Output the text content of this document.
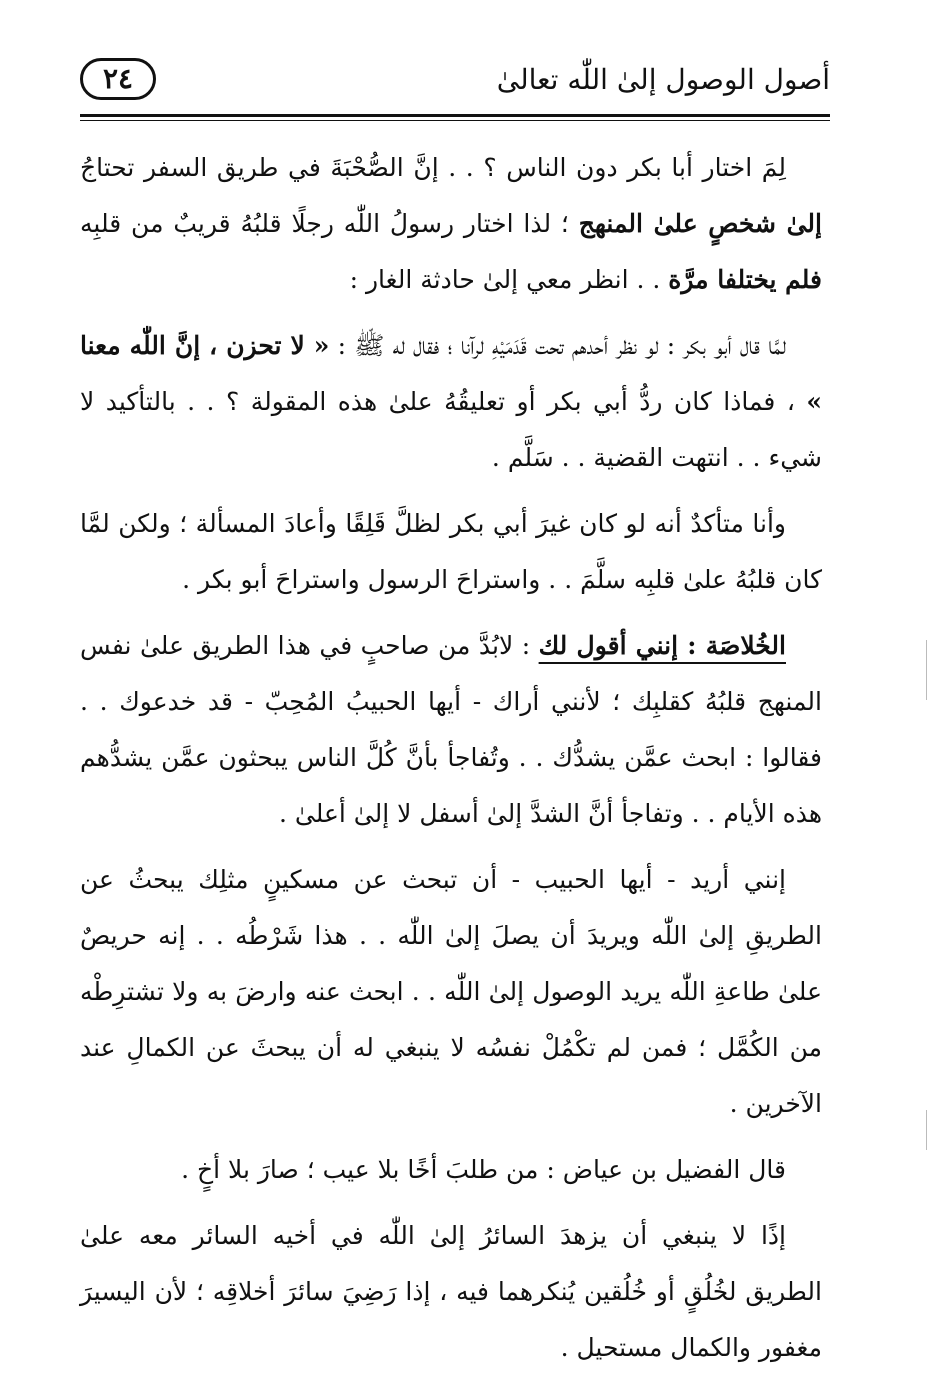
أصول الوصول إلىٰ اللّٰه تعالىٰ
٢٤

لِمَ اختار أبا بكر دون الناس ؟ . . إنَّ الصُّحْبَةَ في طريق السفر تحتاجُ إلىٰ شخصٍ علىٰ المنهج ؛ لذا اختار رسولُ اللّٰه رجلًا قلبُهُ قريبٌ من قلبِه فلم يختلفا مرَّة . . انظر معي إلىٰ حادثة الغار :

لمَّا قال أبو بكر : لو نظر أحدهم تحت قَدَمَيْهِ لرآنا ؛ فقال له ﷺ : « لا تحزن ، إنَّ اللّٰه معنا » ، فماذا كان ردُّ أبي بكر أو تعليقُهُ علىٰ هذه المقولة ؟ . . بالتأكيد لا شيء . . انتهت القضية . . سَلَّم .

وأنا متأكدٌ أنه لو كان غيرَ أبي بكر لظلَّ قَلِقًا وأعادَ المسألة ؛ ولكن لمَّا كان قلبُهُ علىٰ قلبِه سلَّمَ . . واستراحَ الرسول واستراحَ أبو بكر .

الخُلاصَة : إنني أقول لك : لابُدَّ من صاحبٍ في هذا الطريق علىٰ نفس المنهج قلبُهُ كقلبِك ؛ لأنني أراك - أيها الحبيبُ المُحِبّ - قد خدعوك . . فقالوا : ابحث عمَّن يشدُّك . . وتُفاجأ بأنَّ كُلَّ الناس يبحثون عمَّن يشدُّهم هذه الأيام . . وتفاجأ أنَّ الشدَّ إلىٰ أسفل لا إلىٰ أعلىٰ .

إنني أريد - أيها الحبيب - أن تبحث عن مسكينٍ مثلِك يبحثُ عن الطريقِ إلىٰ اللّٰه ويريدَ أن يصلَ إلىٰ اللّٰه . . هذا شَرْطُه . . إنه حريصٌ علىٰ طاعةِ اللّٰه يريد الوصول إلىٰ اللّٰه . . ابحث عنه وارضَ به ولا تشترِطْه من الكُمَّل ؛ فمن لم تكْمُلْ نفسُه لا ينبغي له أن يبحثَ عن الكمالِ عند الآخرين .

قال الفضيل بن عياض : من طلبَ أخًا بلا عيب ؛ صارَ بلا أخٍ .

إذًا لا ينبغي أن يزهدَ السائرُ إلىٰ اللّٰه في أخيه السائر معه علىٰ الطريق لخُلُقٍ أو خُلُقين يُنكرهما فيه ، إذا رَضِيَ سائرَ أخلاقِه ؛ لأن اليسيرَ مغفور والكمال مستحيل .
